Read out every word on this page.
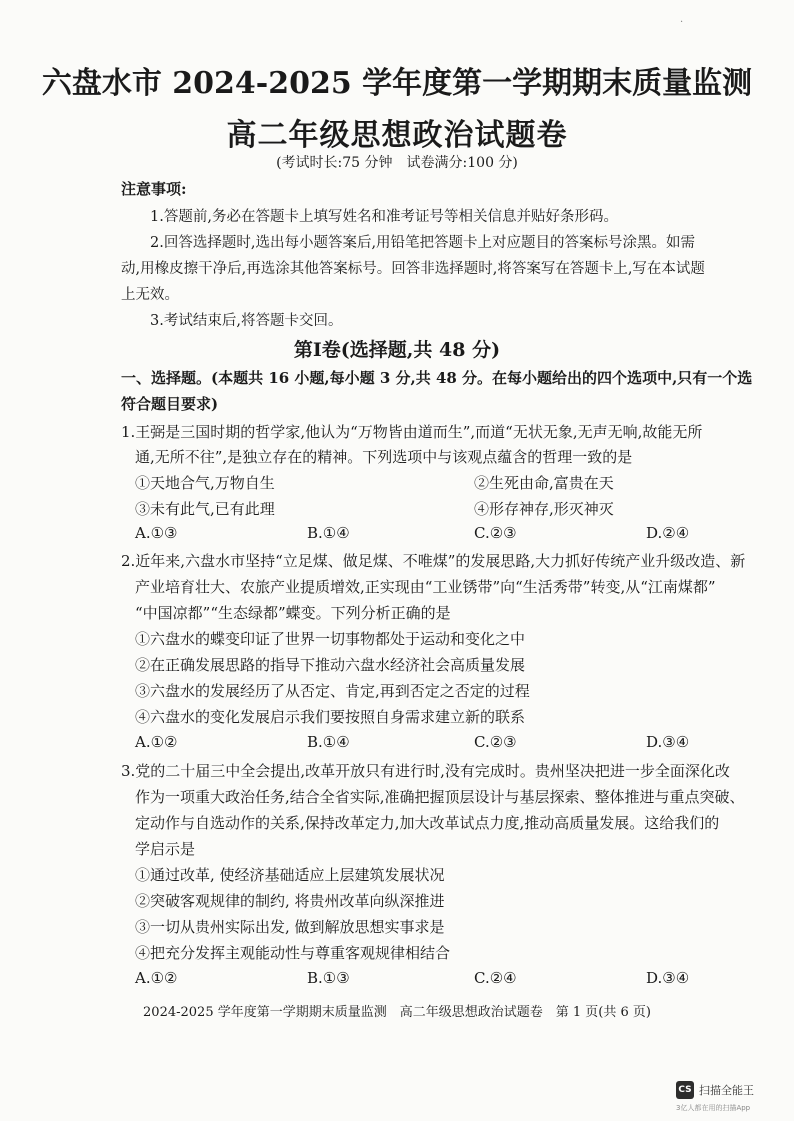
·
六盘水市 2024-2025 学年度第一学期期末质量监测
高二年级思想政治试题卷
(考试时长:75 分钟　试卷满分:100 分)
注意事项:
1.答题前,务必在答题卡上填写姓名和准考证号等相关信息并贴好条形码。
2.回答选择题时,选出每小题答案后,用铅笔把答题卡上对应题目的答案标号涂黑。如需
动,用橡皮擦干净后,再选涂其他答案标号。回答非选择题时,将答案写在答题卡上,写在本试题
上无效。
3.考试结束后,将答题卡交回。
第Ⅰ卷(选择题,共 48 分)
一、选择题。(本题共 16 小题,每小题 3 分,共 48 分。在每小题给出的四个选项中,只有一个选
符合题目要求)
1.王弼是三国时期的哲学家,他认为“万物皆由道而生”,而道“无状无象,无声无响,故能无所
通,无所不往”,是独立存在的精神。下列选项中与该观点蕴含的哲理一致的是
①天地合气,万物自生	②生死由命,富贵在天
③未有此气,已有此理	④形存神存,形灭神灭
A.①③	B.①④	C.②③	D.②④
2.近年来,六盘水市坚持“立足煤、做足煤、不唯煤”的发展思路,大力抓好传统产业升级改造、新
产业培育壮大、农旅产业提质增效,正实现由“工业锈带”向“生活秀带”转变,从“江南煤都”
“中国凉都”“生态绿都”蝶变。下列分析正确的是
①六盘水的蝶变印证了世界一切事物都处于运动和变化之中
②在正确发展思路的指导下推动六盘水经济社会高质量发展
③六盘水的发展经历了从否定、肯定,再到否定之否定的过程
④六盘水的变化发展启示我们要按照自身需求建立新的联系
A.①②	B.①④	C.②③	D.③④
3.党的二十届三中全会提出,改革开放只有进行时,没有完成时。贵州坚决把进一步全面深化改
作为一项重大政治任务,结合全省实际,准确把握顶层设计与基层探索、整体推进与重点突破、
定动作与自选动作的关系,保持改革定力,加大改革试点力度,推动高质量发展。这给我们的
学启示是
①通过改革, 使经济基础适应上层建筑发展状况
②突破客观规律的制约, 将贵州改革向纵深推进
③一切从贵州实际出发, 做到解放思想实事求是
④把充分发挥主观能动性与尊重客观规律相结合
A.①②	B.①③	C.②④	D.③④
2024-2025 学年度第一学期期末质量监测　高二年级思想政治试题卷　第 1 页(共 6 页)
CS 扫描全能王
3亿人都在用的扫描App
